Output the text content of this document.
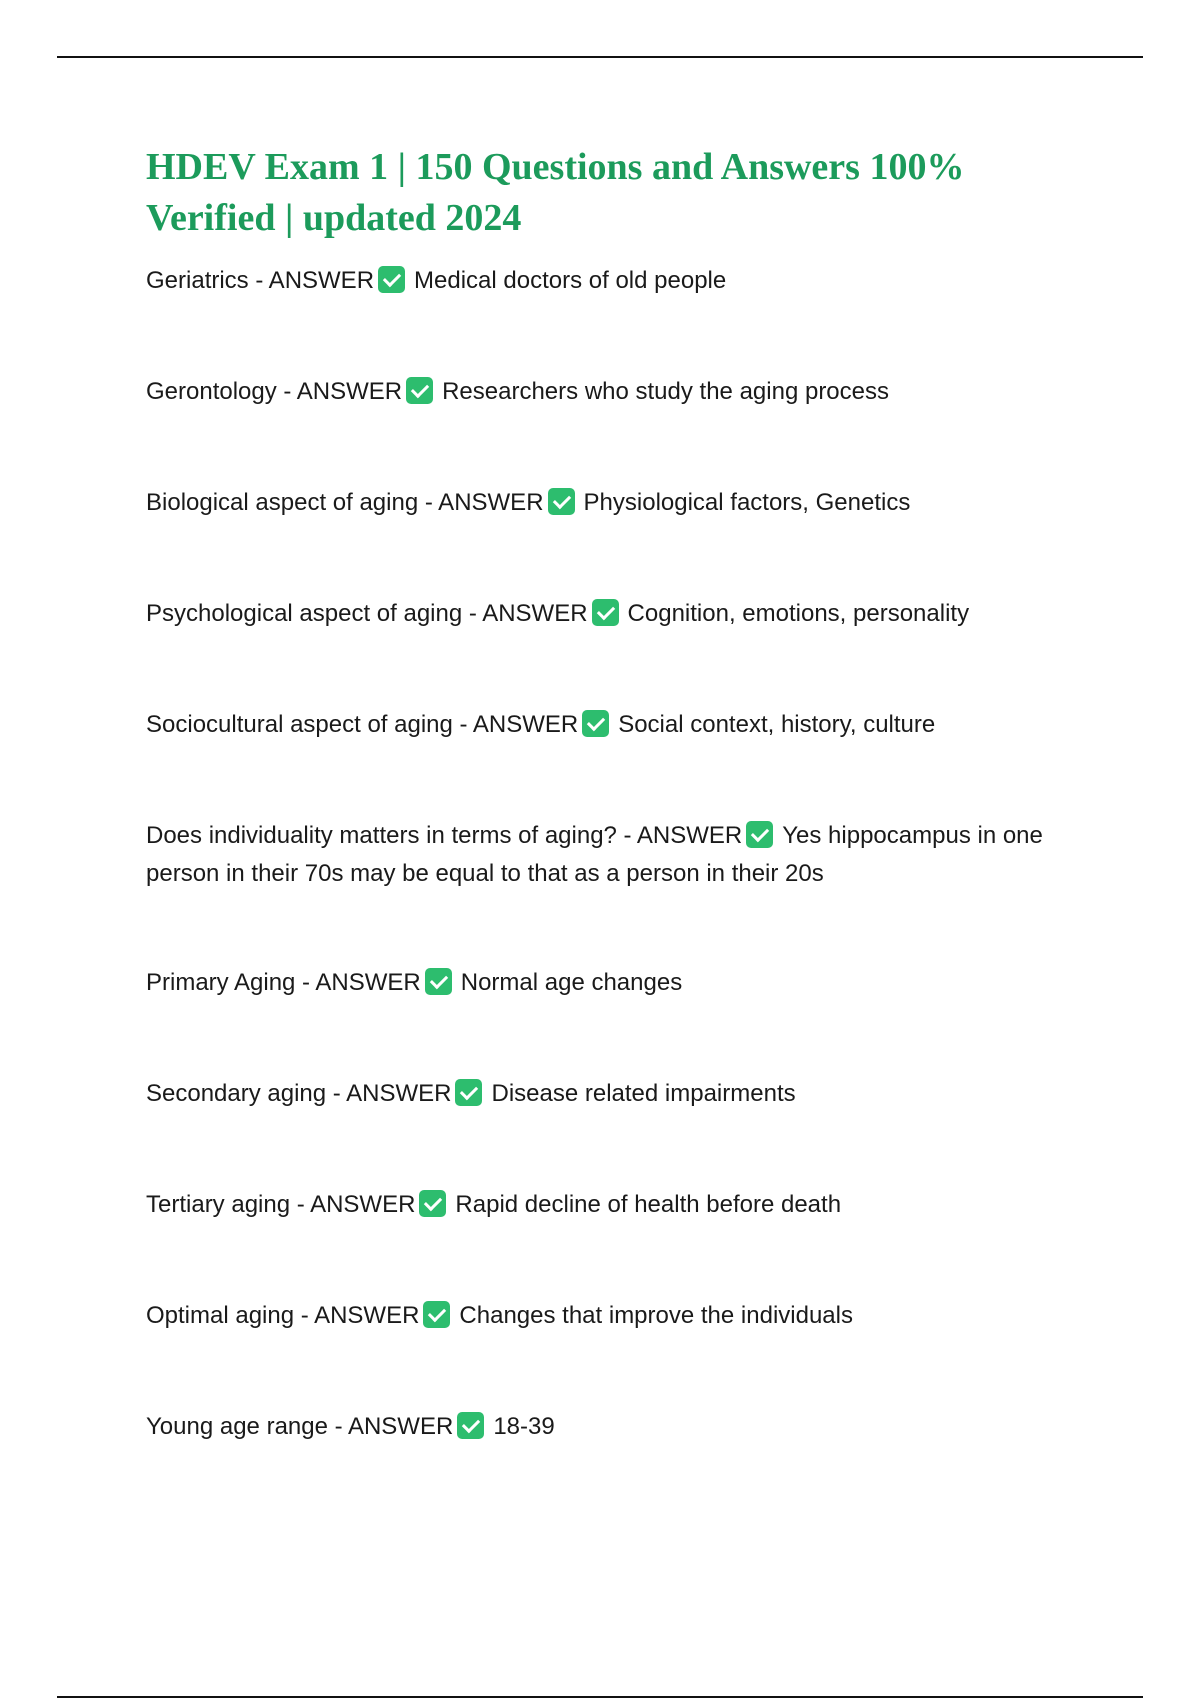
HDEV Exam 1 | 150 Questions and Answers 100% Verified | updated 2024
Geriatrics - ANSWER Medical doctors of old people
Gerontology - ANSWER Researchers who study the aging process
Biological aspect of aging - ANSWER Physiological factors, Genetics
Psychological aspect of aging - ANSWER Cognition, emotions, personality
Sociocultural aspect of aging - ANSWER Social context, history, culture
Does individuality matters in terms of aging? - ANSWER Yes hippocampus in one person in their 70s may be equal to that as a person in their 20s
Primary Aging - ANSWER Normal age changes
Secondary aging - ANSWER Disease related impairments
Tertiary aging - ANSWER Rapid decline of health before death
Optimal aging - ANSWER Changes that improve the individuals
Young age range - ANSWER 18-39
